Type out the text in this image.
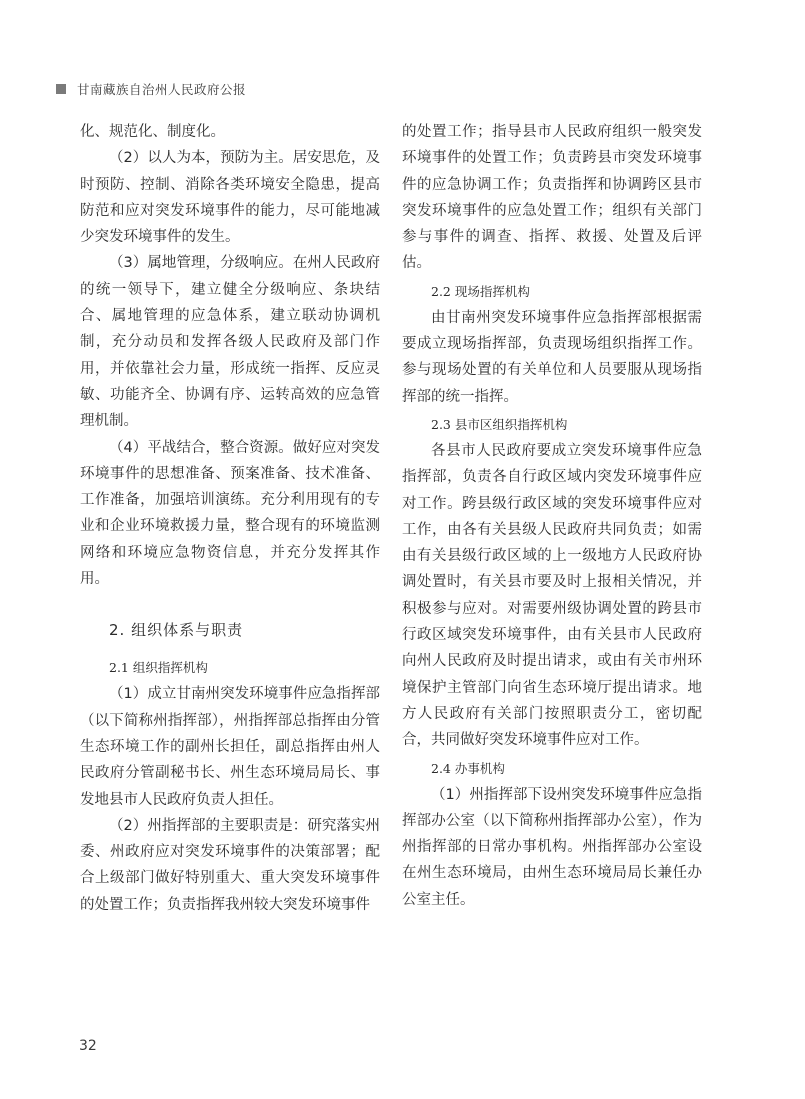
甘南藏族自治州人民政府公报

化、规范化、制度化。

（2）以人为本，预防为主。居安思危，及时预防、控制、消除各类环境安全隐患，提高防范和应对突发环境事件的能力，尽可能地减少突发环境事件的发生。

（3）属地管理，分级响应。在州人民政府的统一领导下，建立健全分级响应、条块结合、属地管理的应急体系，建立联动协调机制，充分动员和发挥各级人民政府及部门作用，并依靠社会力量，形成统一指挥、反应灵敏、功能齐全、协调有序、运转高效的应急管理机制。

（4）平战结合，整合资源。做好应对突发环境事件的思想准备、预案准备、技术准备、工作准备，加强培训演练。充分利用现有的专业和企业环境救援力量，整合现有的环境监测网络和环境应急物资信息，并充分发挥其作用。

2. 组织体系与职责
2.1 组织指挥机构

（1）成立甘南州突发环境事件应急指挥部（以下简称州指挥部），州指挥部总指挥由分管生态环境工作的副州长担任，副总指挥由州人民政府分管副秘书长、州生态环境局局长、事发地县市人民政府负责人担任。

（2）州指挥部的主要职责是：研究落实州委、州政府应对突发环境事件的决策部署；配合上级部门做好特别重大、重大突发环境事件的处置工作；负责指挥我州较大突发环境事件

的处置工作；指导县市人民政府组织一般突发环境事件的处置工作；负责跨县市突发环境事件的应急协调工作；负责指挥和协调跨区县市突发环境事件的应急处置工作；组织有关部门参与事件的调查、指挥、救援、处置及后评估。

2.2 现场指挥机构

由甘南州突发环境事件应急指挥部根据需要成立现场指挥部，负责现场组织指挥工作。参与现场处置的有关单位和人员要服从现场指挥部的统一指挥。

2.3 县市区组织指挥机构

各县市人民政府要成立突发环境事件应急指挥部，负责各自行政区域内突发环境事件应对工作。跨县级行政区域的突发环境事件应对工作，由各有关县级人民政府共同负责；如需由有关县级行政区域的上一级地方人民政府协调处置时，有关县市要及时上报相关情况，并积极参与应对。对需要州级协调处置的跨县市行政区域突发环境事件，由有关县市人民政府向州人民政府及时提出请求，或由有关市州环境保护主管部门向省生态环境厅提出请求。地方人民政府有关部门按照职责分工，密切配合，共同做好突发环境事件应对工作。

2.4 办事机构

（1）州指挥部下设州突发环境事件应急指挥部办公室（以下简称州指挥部办公室），作为州指挥部的日常办事机构。州指挥部办公室设在州生态环境局，由州生态环境局局长兼任办公室主任。

32
